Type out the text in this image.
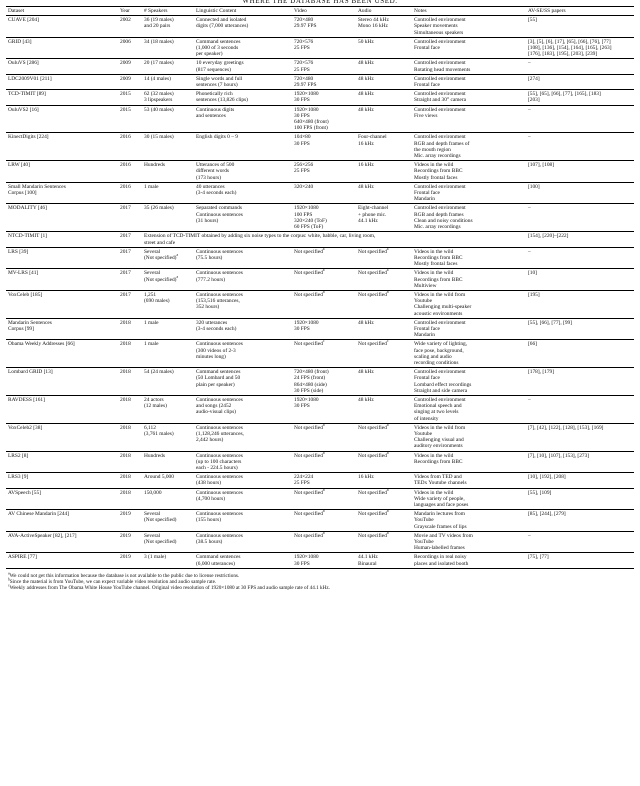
WHERE THE DATABASE HAS BEEN USED.
Dataset	Year	# Speakers	Linguistic Content	Video	Audio	Notes	AV-SE/SS papers
CUAVE [204]	2002	36 (19 males)
and 20 pairs	Connected and isolated
digits (7,000 utterances)	720×480
29.97 FPS	Stereo 44 kHz
Mono 16 kHz	Controlled environment
Speaker movements
Simultaneous speakers	[55]
GRID [43]	2006	34 (18 males)	Command sentences
(1,000 of 3 seconds
per speaker)	720×576
25 FPS	50 kHz	Controlled environment
Frontal face	[3], [5], [6], [17], [65], [66], [76], [77]
[108], [136], [154], [164], [165], [263]
[176], [183], [195], [203], [239]
OuluVS [286]	2009	20 (17 males)	10 everyday greetings
(817 sequences)	720×576
25 FPS	48 kHz	Controlled environment
Rotating head movements	–
LDC2009V01 [211]	2009	14 (4 males)	Single words and full
sentences (7 hours)	720×480
29.97 FPS	48 kHz	Controlled environment
Frontal face	[274]
TCD-TIMIT [89]	2015	62 (32 males)
3 lipspeakers	Phonetically rich
sentences (13,826 clips)	1920×1080
30 FPS	48 kHz	Controlled environment
Straight and 30° camera	[55], [65], [66], [77], [165], [183]
[203]
OuluVS2 [16]	2015	53 (40 males)	Continuous digits
and sentences	1920×1080
30 FPS
640×480 (front)
100 FPS (front)	48 kHz	Controlled environment
Five views	–
KinectDigits [224]	2016	30 (15 males)	English digits 0 – 9	104×80
30 FPS	Four-channel
16 kHz	Controlled environment
RGB and depth frames of
the mouth region
Mic. array recordings	–
LRW [40]	2016	Hundreds	Utterances of 500
different words
(173 hours)	256×256
25 FPS	16 kHz	Videos in the wild
Recordings from BBC
Mostly frontal faces	[107], [108]
Small Mandarin Sentences
Corpus [100]	2016	1 male	40 utterances
(3-4 seconds each)	320×240	48 kHz	Controlled environment
Frontal face
Mandarin	[100]
MODALITY [46]	2017	35 (26 males)	Separated commands
Continuous sentences
(31 hours)	1920×1080
100 FPS
320×240 (ToF)
60 FPS (ToF)	Eight-channel
+ phone mic.
44.1 kHz	Controlled environment
RGB and depth frames
Clean and noisy conditions
Mic. array recordings	–
NTCD-TIMIT [1]	2017	Extension of TCD-TIMIT obtained by adding six noise types to the corpus: white, babble, car, living room,
street and cafe					[154], [220]–[222]
LRS [39]	2017	Several
(Not specified)$^a$	Continuous sentences
(75.5 hours)	Not specified$^a$	Not specified$^a$	Videos in the wild
Recordings from BBC
Mostly frontal faces	–
MV-LRS [41]	2017	Several
(Not specified)$^a$	Continuous sentences
(777.2 hours)	Not specified$^a$	Not specified$^a$	Videos in the wild
Recordings from BBC
Multiview	[10]
VoxCeleb [185]	2017	1,251
(690 males)	Continuous sentences
(153,516 utterances,
352 hours)	Not specified$^b$	Not specified$^b$	Videos in the wild from
Youtube
Challenging multi-speaker
acoustic environments	[195]
Mandarin Sentences
Corpus [99]	2018	1 male	320 utterances
(3-4 seconds each)	1920×1080
30 FPS	48 kHz	Controlled environment
Frontal face
Mandarin	[55], [66], [77], [99]
Obama Weekly Addresses [66]	2018	1 male	Continuous sentences
(300 videos of 2-3
minutes long)	Not specified$^c$	Not specified$^c$	Wide variety of lighting,
face pose, background,
scaling and audio
recording conditions	[66]
Lombard GRID [13]	2018	54 (24 males)	Command sentences
(50 Lombard and 50
plain per speaker)	720×480 (front)
24 FPS (front)
864×480 (side)
30 FPS (side)	48 kHz	Controlled environment
Frontal face
Lombard effect recordings
Straight and side camera	[178], [179]
RAVDESS [161]	2018	24 actors
(12 males)	Continuous sentences
and songs (2452
audio-visual clips)	1920×1080
30 FPS	48 kHz	Controlled environment
Emotional speech and
singing at two levels
of intensity	–
VoxCeleb2 [38]	2018	6,112
(3,761 males)	Continuous sentences
(1,128,246 utterances,
2,442 hours)	Not specified$^b$	Not specified$^b$	Videos in the wild from
Youtube
Challenging visual and
auditory environments	[7], [42], [122], [128], [153], [169]
LRS2 [8]	2018	Hundreds	Continuous sentences
(up to 100 characters
each - 224.5 hours)	Not specified$^b$	Not specified$^b$	Videos in the wild
Recordings from BBC	[7], [10], [107], [153], [273]
LRS3 [9]	2018	Around 5,000	Continuous sentences
(438 hours)	224×224
25 FPS	16 kHz	Videos from TED and
TEDx Youtube channels	[10], [192], [208]
AVSpeech [55]	2018	150,000	Continuous sentences
(4,700 hours)	Not specified$^b$	Not specified$^b$	Videos in the wild
Wide variety of people,
languages and face poses	[55], [109]
AV Chinese Mandarin [244]	2019	Several
(Not specified)	Continuous sentences
(155 hours)	Not specified$^b$	Not specified$^b$	Mandarin lectures from
YouTube
Grayscale frames of lips	[85], [244], [279]
AVA-ActiveSpeaker [82], [217]	2019	Several
(Not specified)	Continuous sentences
(38.5 hours)	Not specified$^b$	Not specified$^b$	Movie and TV videos from
YouTube
Human-labelled frames	–
ASPIRE [77]	2019	3 (1 male)	Command sentences
(6,000 utterances)	1920×1080
30 FPS	44.1 kHz
Binaural	Recordings in real noisy
places and isolated booth	[75], [77]
$^a$We could not get this information because the database is not available to the public due to license restrictions.
$^b$Since the material is from YouTube, we can expect variable video resolution and audio sample rate.
$^c$Weekly addresses from The Obama White House YouTube channel. Original video resolution of 1920×1080 at 30 FPS and audio sample rate of 44.1 kHz.
